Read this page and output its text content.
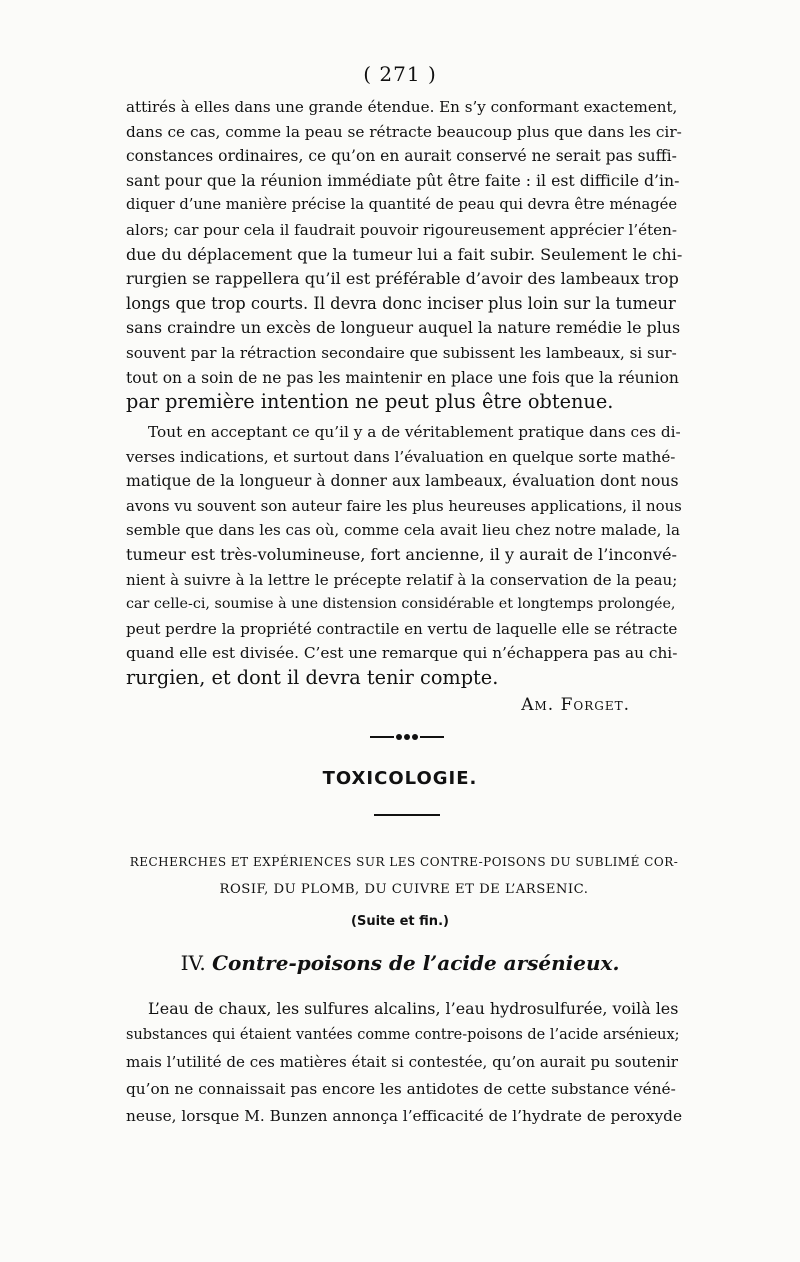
( 271 )

attirés à elles dans une grande étendue. En s’y conformant exactement,

dans ce cas, comme la peau se rétracte beaucoup plus que dans les cir-

constances ordinaires, ce qu’on en aurait conservé ne serait pas suffi-

sant pour que la réunion immédiate pût être faite : il est difficile d’in-

diquer d’une manière précise la quantité de peau qui devra être ménagée

alors; car pour cela il faudrait pouvoir rigoureusement apprécier l’éten-

due du déplacement que la tumeur lui a fait subir. Seulement le chi-

rurgien se rappellera qu’il est préférable d’avoir des lambeaux trop

longs que trop courts. Il devra donc inciser plus loin sur la tumeur

sans craindre un excès de longueur auquel la nature remédie le plus

souvent par la rétraction secondaire que subissent les lambeaux, si sur-

tout on a soin de ne pas les maintenir en place une fois que la réunion

par première intention ne peut plus être obtenue.

Tout en acceptant ce qu’il y a de véritablement pratique dans ces di-

verses indications, et surtout dans l’évaluation en quelque sorte mathé-

matique de la longueur à donner aux lambeaux, évaluation dont nous

avons vu souvent son auteur faire les plus heureuses applications, il nous

semble que dans les cas où, comme cela avait lieu chez notre malade, la

tumeur est très-volumineuse, fort ancienne, il y aurait de l’inconvé-

nient à suivre à la lettre le précepte relatif à la conservation de la peau;

car celle-ci, soumise à une distension considérable et longtemps prolongée,

peut perdre la propriété contractile en vertu de laquelle elle se rétracte

quand elle est divisée. C’est une remarque qui n’échappera pas au chi-

rurgien, et dont il devra tenir compte.

Am. Forget.
TOXICOLOGIE.
RECHERCHES ET EXPÉRIENCES SUR LES CONTRE-POISONS DU SUBLIMÉ COR-
ROSIF, DU PLOMB, DU CUIVRE ET DE L’ARSENIC.
(Suite et fin.)
IV. Contre-poisons de l’acide arsénieux.

L’eau de chaux, les sulfures alcalins, l’eau hydrosulfurée, voilà les

substances qui étaient vantées comme contre-poisons de l’acide arsénieux;

mais l’utilité de ces matières était si contestée, qu’on aurait pu soutenir

qu’on ne connaissait pas encore les antidotes de cette substance véné-

neuse, lorsque M. Bunzen annonça l’efficacité de l’hydrate de peroxyde
